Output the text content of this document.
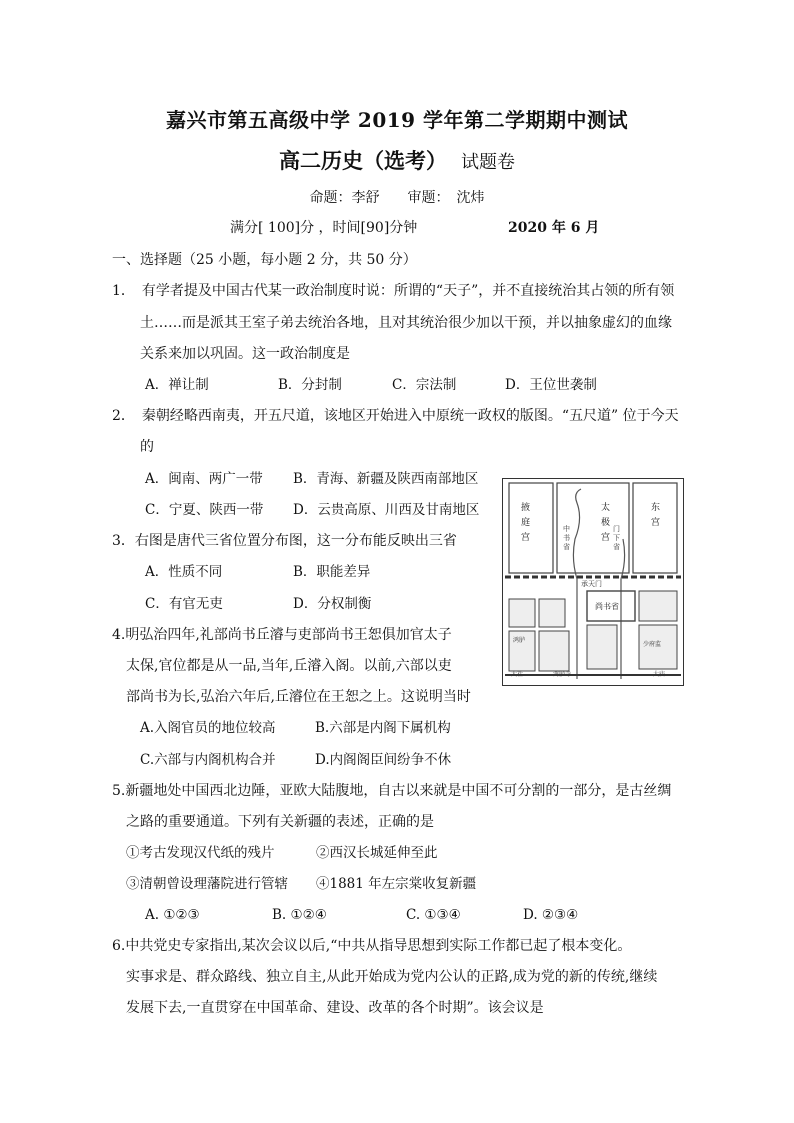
嘉兴市第五高级中学 2019 学年第二学期期中测试
高二历史（选考） 试题卷
命题：李舒　　审题：　沈炜
满分[ 100]分 ，时间[90]分钟	2020 年 6 月
一、选择题（25 小题，每小题 2 分，共 50 分）
1．　有学者提及中国古代某一政治制度时说：所谓的“天子”，并不直接统治其占领的所有领
土……而是派其王室子弟去统治各地，且对其统治很少加以干预，并以抽象虚幻的血缘
关系来加以巩固。这一政治制度是
A．禅让制	B．分封制	C．宗法制	D．王位世袭制
2．　秦朝经略西南夷，开五尺道，该地区开始进入中原统一政权的版图。“五尺道” 位于今天
的
A．闽南、两广一带 B．青海、新疆及陕西南部地区
C．宁夏、陕西一带 D．云贵高原、川西及甘南地区
3．右图是唐代三省位置分布图，这一分布能反映出三省
A．性质不同	B．职能差异
C．有官无吏	D．分权制衡
掖庭宫
太极宫
东宫
中书省
门下省
承天门
尚书省
鸿胪
少府监
大社	鸿胪寺	太庙
4.明弘治四年,礼部尚书丘濬与吏部尚书王恕俱加官太子
太保,官位都是从一品,当年,丘濬入阁。以前,六部以吏
部尚书为长,弘治六年后,丘濬位在王恕之上。这说明当时
A.入阁官员的地位较高	B.六部是内阁下属机构
C.六部与内阁机构合并	D.内阁阁臣间纷争不休
5.新疆地处中国西北边陲，亚欧大陆腹地，自古以来就是中国不可分割的一部分，是古丝绸
之路的重要通道。下列有关新疆的表述，正确的是
①考古发现汉代纸的残片	②西汉长城延伸至此
③清朝曾设理藩院进行管辖 ④1881 年左宗棠收复新疆
A. ①②③	B. ①②④	C. ①③④	D. ②③④
6.中共党史专家指出,某次会议以后,“中共从指导思想到实际工作都已起了根本变化。
实事求是、群众路线、独立自主,从此开始成为党内公认的正路,成为党的新的传统,继续
发展下去,一直贯穿在中国革命、建设、改革的各个时期”。该会议是
